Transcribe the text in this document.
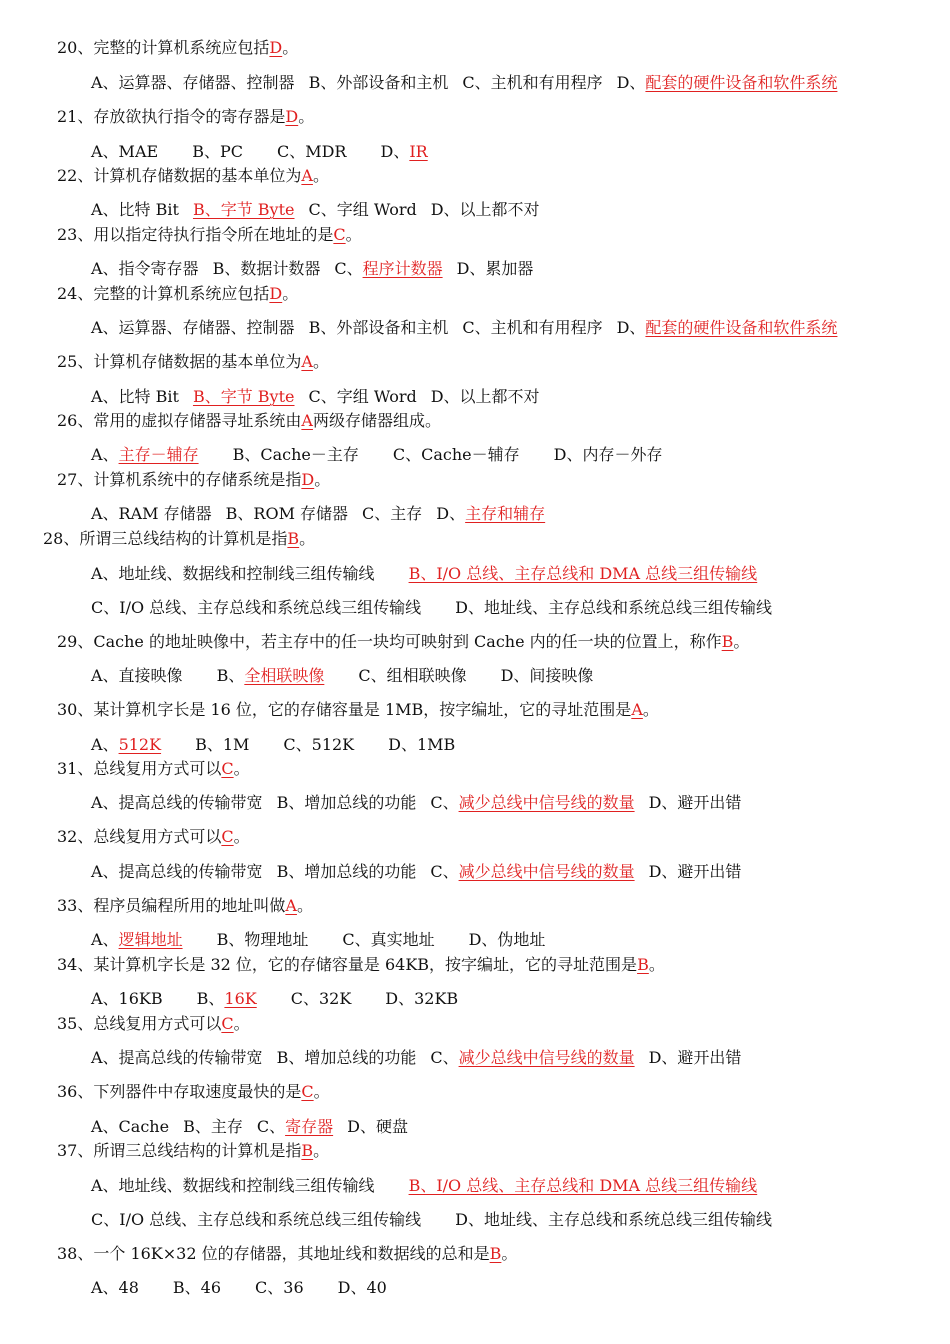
20、完整的计算机系统应包括D。
A、运算器、存储器、控制器 B、外部设备和主机 C、主机和有用程序 D、配套的硬件设备和软件系统
21、存放欲执行指令的寄存器是D。
A、MAE B、PC C、MDR D、IR
22、计算机存储数据的基本单位为A。
A、比特 Bit B、字节 Byte C、字组 Word D、以上都不对
23、用以指定待执行指令所在地址的是C。
A、指令寄存器 B、数据计数器 C、程序计数器 D、累加器
24、完整的计算机系统应包括D。
A、运算器、存储器、控制器 B、外部设备和主机 C、主机和有用程序 D、配套的硬件设备和软件系统
25、计算机存储数据的基本单位为A。
A、比特 Bit B、字节 Byte C、字组 Word D、以上都不对
26、常用的虚拟存储器寻址系统由A两级存储器组成。
A、主存－辅存 B、Cache－主存 C、Cache－辅存 D、内存－外存
27、计算机系统中的存储系统是指D。
A、RAM 存储器 B、ROM 存储器 C、主存 D、主存和辅存
28、所谓三总线结构的计算机是指B。
A、地址线、数据线和控制线三组传输线 B、I/O 总线、主存总线和 DMA 总线三组传输线
C、I/O 总线、主存总线和系统总线三组传输线 D、地址线、主存总线和系统总线三组传输线
29、Cache 的地址映像中，若主存中的任一块均可映射到 Cache 内的任一块的位置上，称作B。
A、直接映像 B、全相联映像 C、组相联映像 D、间接映像
30、某计算机字长是 16 位，它的存储容量是 1MB，按字编址，它的寻址范围是A。
A、512K B、1M C、512K D、1MB
31、总线复用方式可以C。
A、提高总线的传输带宽 B、增加总线的功能 C、减少总线中信号线的数量 D、避开出错
32、总线复用方式可以C。
A、提高总线的传输带宽 B、增加总线的功能 C、减少总线中信号线的数量 D、避开出错
33、程序员编程所用的地址叫做A。
A、逻辑地址 B、物理地址 C、真实地址 D、伪地址
34、某计算机字长是 32 位，它的存储容量是 64KB，按字编址，它的寻址范围是B。
A、16KB B、16K C、32K D、32KB
35、总线复用方式可以C。
A、提高总线的传输带宽 B、增加总线的功能 C、减少总线中信号线的数量 D、避开出错
36、下列器件中存取速度最快的是C。
A、Cache B、主存 C、寄存器 D、硬盘
37、所谓三总线结构的计算机是指B。
A、地址线、数据线和控制线三组传输线 B、I/O 总线、主存总线和 DMA 总线三组传输线
C、I/O 总线、主存总线和系统总线三组传输线 D、地址线、主存总线和系统总线三组传输线
38、一个 16K×32 位的存储器，其地址线和数据线的总和是B。
A、48 B、46 C、36 D、40
